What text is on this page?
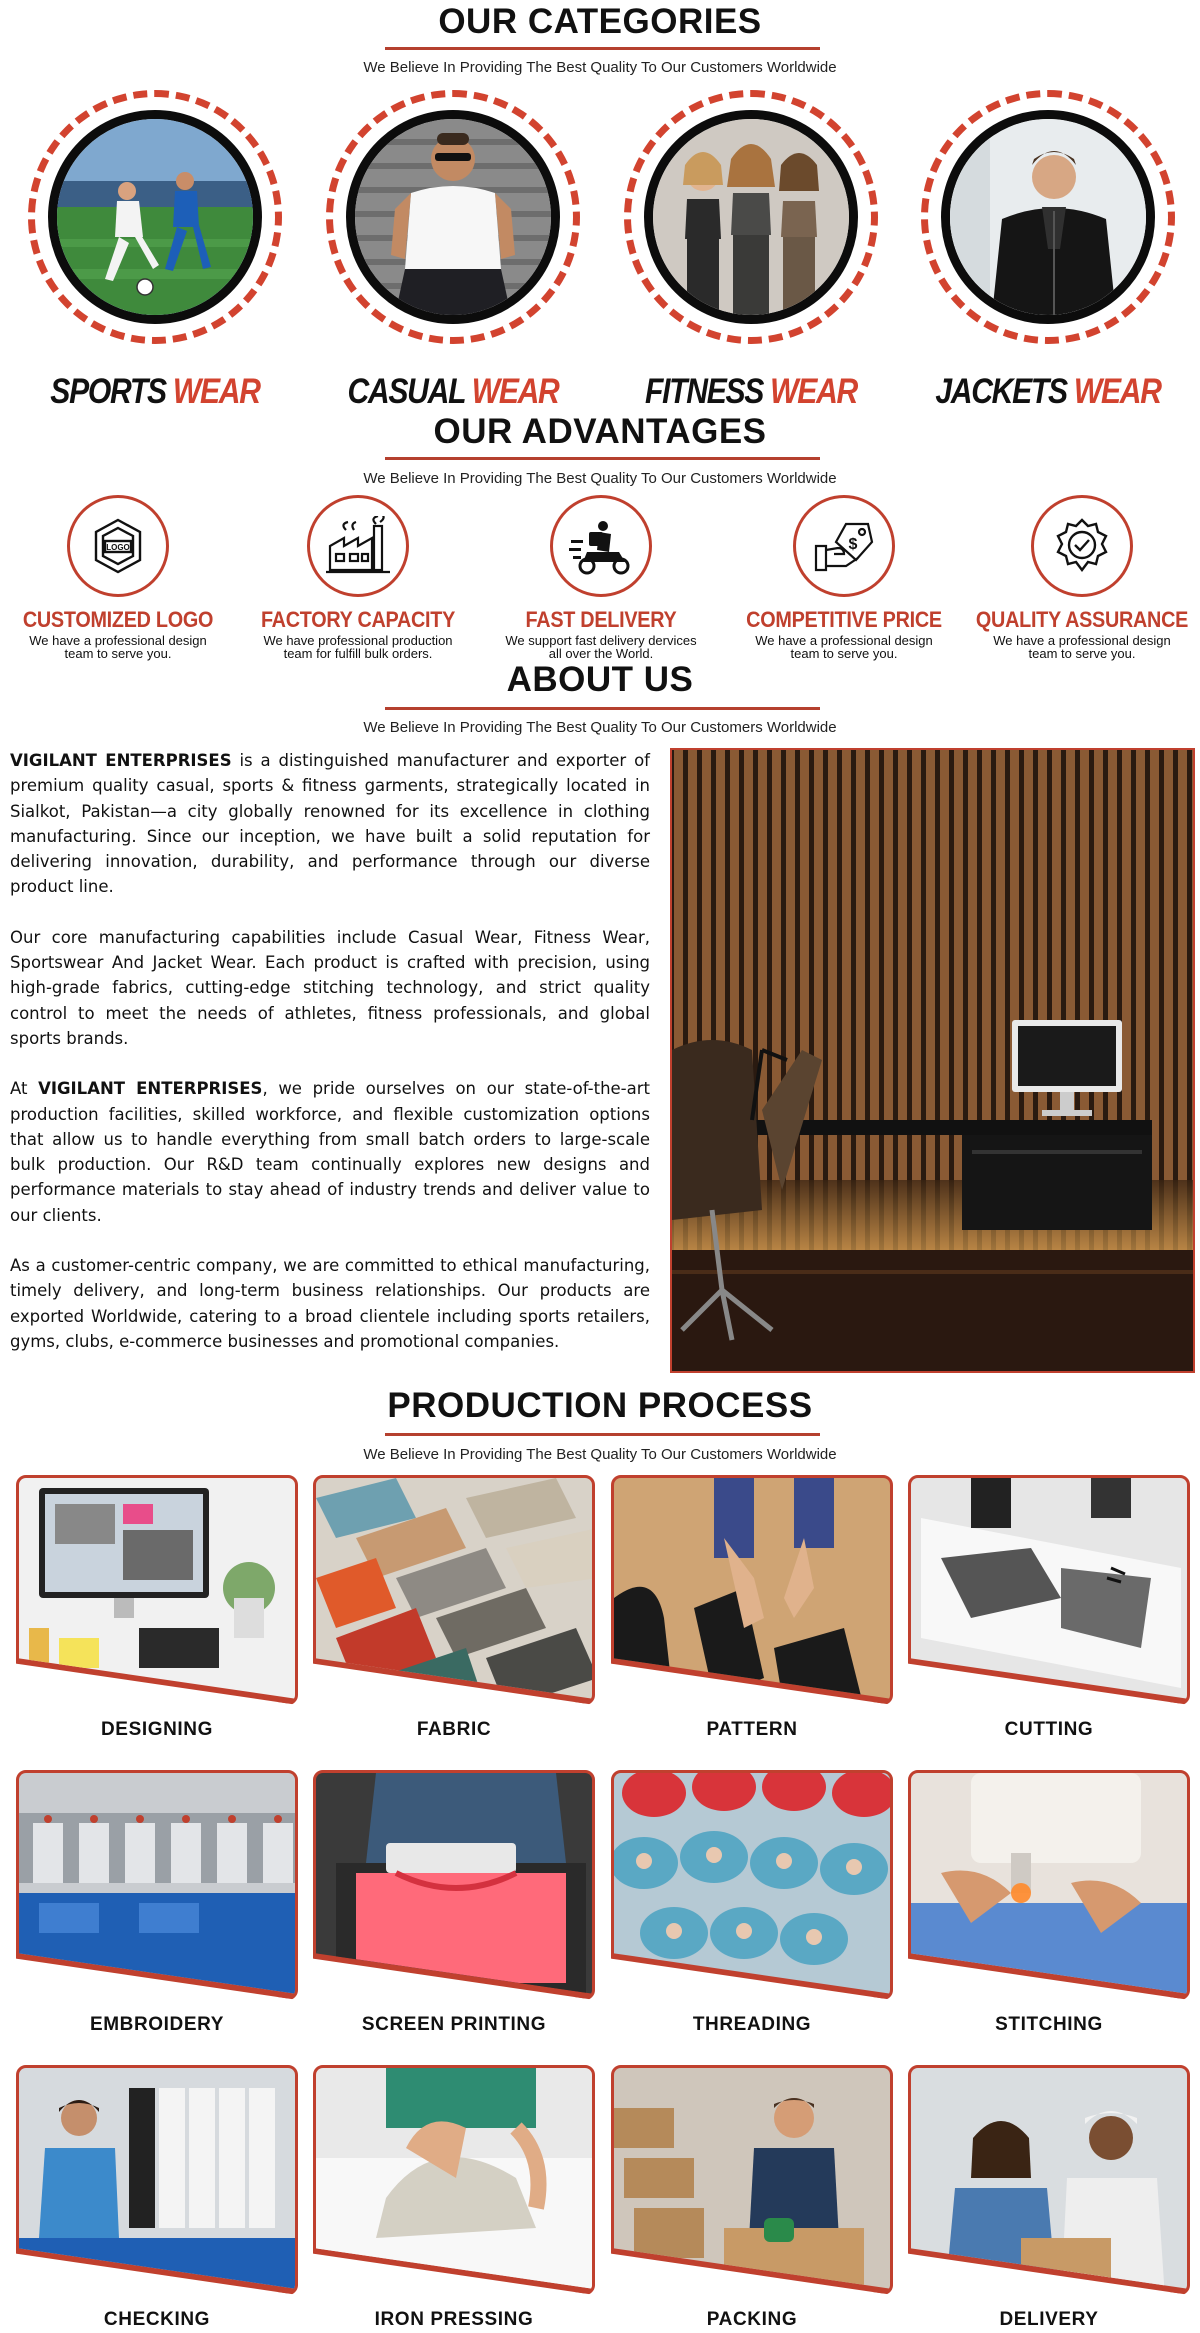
OUR CATEGORIES
We Believe In Providing The Best Quality To Our Customers Worldwide
SPORTS WEAR	CASUAL WEAR	FITNESS WEAR JACKETS WEAR
OUR ADVANTAGES
We Believe In Providing The Best Quality To Our Customers Worldwide
LOGO
CUSTOMIZED LOGO
We have a professional design team to serve you.
FACTORY CAPACITY
We have professional production team for fulfill bulk orders.
FAST DELIVERY
We support fast delivery dervices all over the World.
$
COMPETITIVE PRICE
We have a professional design team to serve you.
QUALITY ASSURANCE
We have a professional design team to serve you.
ABOUT US
We Believe In Providing The Best Quality To Our Customers Worldwide

VIGILANT ENTERPRISES is a distinguished manufacturer and exporter of premium quality casual, sports & fitness garments, strategically located in Sialkot, Pakistan—a city globally renowned for its excellence in clothing manufacturing. Since our inception, we have built a solid reputation for delivering innovation, durability, and performance through our diverse product line.

Our core manufacturing capabilities include Casual Wear, Fitness Wear, Sportswear And Jacket Wear. Each product is crafted with precision, using high-grade fabrics, cutting-edge stitching technology, and strict quality control to meet the needs of athletes, fitness professionals, and global sports brands.

At VIGILANT ENTERPRISES, we pride ourselves on our state-of-the-art production facilities, skilled workforce, and flexible customization options that allow us to handle everything from small batch orders to large-scale bulk production. Our R&D team continually explores new designs and performance materials to stay ahead of industry trends and deliver value to our clients.

As a customer-centric company, we are committed to ethical manufacturing, timely delivery, and long-term business relationships. Our products are exported Worldwide, catering to a broad clientele including sports retailers, gyms, clubs, e-commerce businesses and promotional companies.

PRODUCTION PROCESS
We Believe In Providing The Best Quality To Our Customers Worldwide
DESIGNING	FABRIC	PATTERN	CUTTING
EMBROIDERY	SCREEN PRINTING	THREADING	STITCHING
CHECKING	IRON PRESSING	PACKING	DELIVERY
